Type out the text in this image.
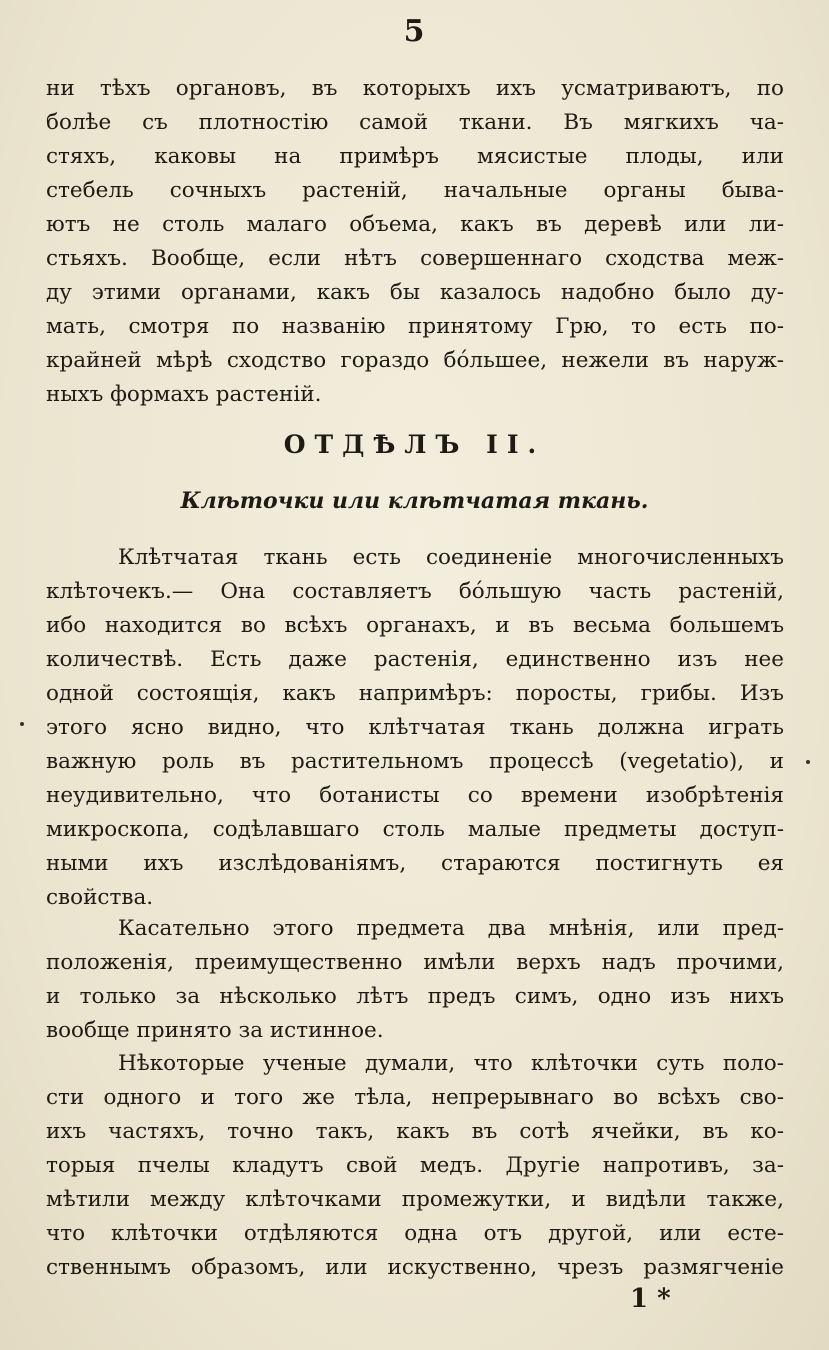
5
ни тѣхъ органовъ, въ которыхъ ихъ усматриваютъ, по
болѣе съ плотностію самой ткани. Въ мягкихъ ча-
стяхъ, каковы на примѣръ мясистые плоды, или
стебель сочныхъ растеній, начальные органы быва-
ютъ не столь малаго объема, какъ въ деревѣ или ли-
стьяхъ. Вообще, если нѣтъ совершеннаго сходства меж-
ду этими органами, какъ бы казалось надобно было ду-
мать, смотря по названію принятому Грю, то есть по-
крайней мѣрѣ сходство гораздо бо́льшее, нежели въ наруж-
ныхъ формахъ растеній.
ОТДѢЛЪ II.
Клѣточки или клѣтчатая ткань.
Клѣтчатая ткань есть соединеніе многочисленныхъ
клѣточекъ.— Она составляетъ бо́льшую часть растеній,
ибо находится во всѣхъ органахъ, и въ весьма большемъ
количествѣ. Есть даже растенія, единственно изъ нее
одной состоящія, какъ напримѣръ: поросты, грибы. Изъ
этого ясно видно, что клѣтчатая ткань должна играть
важную роль въ растительномъ процессѣ (vegetatio), и
неудивительно, что ботанисты со времени изобрѣтенія
микроскопа, содѣлавшаго столь малые предметы доступ-
ными ихъ изслѣдованіямъ, стараются постигнуть ея
свойства.
Касательно этого предмета два мнѣнія, или пред-
положенія, преимущественно имѣли верхъ надъ прочими,
и только за нѣсколько лѣтъ предъ симъ, одно изъ нихъ
вообще принято за истинное.
Нѣкоторые ученые думали, что клѣточки суть поло-
сти одного и того же тѣла, непрерывнаго во всѣхъ сво-
ихъ частяхъ, точно такъ, какъ въ сотѣ ячейки, въ ко-
торыя пчелы кладутъ свой медъ. Другіе напротивъ, за-
мѣтили между клѣточками промежутки, и видѣли также,
что клѣточки отдѣляются одна отъ другой, или есте-
ственнымъ образомъ, или искуственно, чрезъ размягченіе
1 *
